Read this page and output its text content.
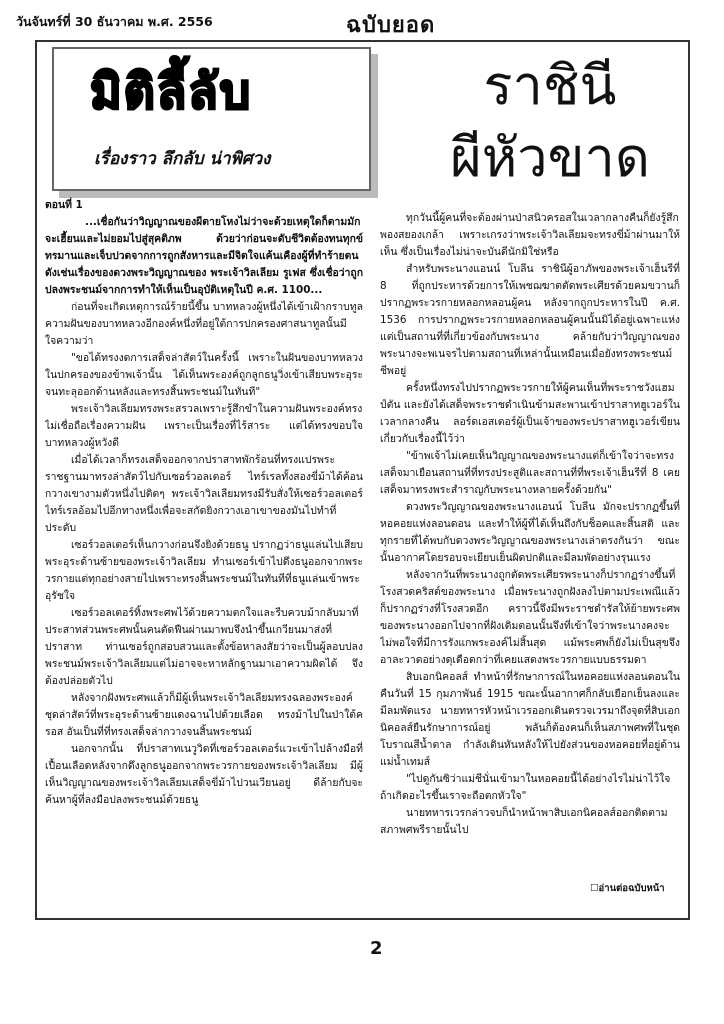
วันจันทร์ที่ 30 ธันวาคม พ.ศ. 2556	ฉบับยอด
มิติลี้ลับ
เรื่องราว ลึกลับ น่าพิศวง
ราชินี
ผีหัวขาด

ตอนที่ 1

...เชื่อกันว่าวิญญาณของผีตายโหงไม่ว่าจะด้วยเหตุใดก็ตามมักจะเฮี้ยนและไม่ยอมไปสู่สุคติภพ ด้วยว่าก่อนจะดับชีวิตต้องทนทุกข์ทรมานและเจ็บปวดจากการถูกสังหารและมีจิตใจแค้นเคืองผู้ที่ทำร้ายตน ดังเช่นเรื่องของดวงพระวิญญาณของ พระเจ้าวิลเลียม รูเฟส ซึ่งเชื่อว่าถูกปลงพระชนม์จากการทำให้เห็นเป็นอุบัติเหตุในปี ค.ศ. 1100...

ก่อนที่จะเกิดเหตุการณ์ร้ายนี้ขึ้น บาทหลวงผู้หนึ่งได้เข้าเฝ้ากราบทูลความฝันของบาทหลวงอีกองค์หนึ่งที่อยู่ใต้การปกครองศาสนาทูลนั้นมีใจความว่า

"ขอได้ทรงงดการเสด็จล่าสัตว์ในครั้งนี้ เพราะในฝันของบาทหลวงในปกครองของข้าพเจ้านั้น ได้เห็นพระองค์ถูกลูกธนูวิ่งเข้าเสียบพระอุระจนทะลุออกด้านหลังและทรงสิ้นพระชนม์ในทันที"

พระเจ้าวิลเลียมทรงพระสรวลเพราะรู้สึกขำในความฝันพระองค์ทรงไม่เชื่อถือเรื่องความฝัน เพราะเป็นเรื่องที่ไร้สาระ แต่ได้ทรงขอบใจบาทหลวงผู้หวังดี

เมื่อได้เวลาก็ทรงเสด็จออกจากปราสาทพักร้อนที่ทรงแปรพระราชฐานมาทรงล่าสัตว์ไปกับเซอร์วอลเตอร์ ไทร์เรลทั้งสองขี่ม้าได้ค้อนกวางเขางามตัวหนึ่งไปติดๆ พระเจ้าวิลเลียมทรงมีรับสั่งให้เซอร์วอลเตอร์ ไทร์เรลอ้อมไปอีกทางหนึ่งเพื่อจะสกัดยิงกวางเอาเขาของมันไปทำที่ประดับ

เซอร์วอลเตอร์เห็นกวางก่อนจึงยิงด้วยธนู ปรากฏว่าธนูแล่นไปเสียบพระอุระด้านซ้ายของพระเจ้าวิลเลียม ทำนเซอร์เข้าไปดึงธนูออกจากพระวรกายแต่ทุกอย่างสายไปเพราะทรงสิ้นพระชนม์ในทันทีที่ธนูแล่นเข้าพระอุรัชใจ

เซอร์วอลเตอร์ทิ้งพระศพไว้ด้วยความตกใจและรีบควบม้ากลับมาที่ประสาทส่วนพระศพนั้นคนตัดฟืนผ่านมาพบจึงนำขึ้นเกวียนมาส่งที่ปราสาท ท่านเซอร์ถูกสอบสวนและตั้งข้อหาลงสัยว่าจะเป็นผู้ลอบปลงพระชนม์พระเจ้าวิลเลียมแต่ไม่อาจจะหาหลักฐานมาเอาความผิดได้ จึงต้องปล่อยตัวไป

หลังจากฝังพระศพแล้วก็มีผู้เห็นพระเจ้าวิลเลียมทรงฉลองพระองค์ชุดล่าสัตว์ที่พระอุระด้านซ้ายแดงฉานไปด้วยเลือด ทรงม้าไปในป่าใต้ครอส อันเป็นที่ที่ทรงเสด็จล่ากวางจนสิ้นพระชนม์

นอกจากนั้น ที่ปราสาทเนวูวิดที่เซอร์วอลเตอร์แวะเข้าไปล้างมือที่เปื้อนเลือดหลังจากดึงลูกธนูออกจากพระวรกายของพระเจ้าวิลเลียม มีผู้เห็นวิญญาณของพระเจ้าวิลเลียมเสด็จขี่ม้าไปวนเวียนอยู่ ดีล้ายกับจะค้นหาผู้ที่ลงมือปลงพระชนม์ด้วยธนู

ทุกวันนี้ผู้คนที่จะต้องผ่านป่าสนิวครอสในเวลากลางคืนก็ยังรู้สึกพองสยองเกล้า เพราะเกรงว่าพระเจ้าวิลเลียมจะทรงขี่ม้าผ่านมาให้เห็น ซึ่งเป็นเรื่องไม่น่าจะบันดีนักมิใช่หรือ

สำหรับพระนางแอนน์ โบลีน ราชินีผู้อาภัพของพระเจ้าเฮ็นรีที่ 8 ที่ถูกประหารด้วยการให้เพชฌฆาตตัดพระเศียรด้วยคมขวานก็ปรากฏพระวรกายหลอกหลอนผู้คน หลังจากถูกประหารในปี ค.ศ. 1536 การปรากฏพระวรกายหลอกหลอนผู้คนนั้นมิได้อยู่เฉพาะแห่ง แต่เป็นสถานที่ที่เกี่ยวข้องกับพระนาง คล้ายกับว่าวิญญาณของพระนางจะพเนจรไปตามสถานที่เหล่านั้นเหมือนเมื่อยังทรงพระชนม์ชีพอยู่

ครั้งหนึ่งทรงไปปรากฏพระวรกายให้ผู้คนเห็นที่พระราชวังแฮมป์ตัน และยังได้เสด็จพระราชดำเนินข้ามสะพานเข้าปราสาทฮูเวอร์ในเวลากลางคืน ลอร์ดเอสเตอร์ผู้เป็นเจ้าของพระปราสาทฮูเวอร์เขียนเกี่ยวกับเรื่องนี้ไว้ว่า

"ข้าพเจ้าไม่เคยเห็นวิญญาณของพระนางแต่ก็เข้าใจว่าจะทรงเสด็จมาเยือนสถานที่ที่ทรงประสูติและสถานที่ที่พระเจ้าเฮ็นรีที่ 8 เคยเสด็จมาทรงพระสำราญกับพระนางหลายครั้งด้วยกัน"

ดวงพระวิญญาณของพระนางแอนน์ โบลีน มักจะปรากฏขึ้นที่หอคอยแห่งลอนดอน และทำให้ผู้ที่ได้เห็นถึงกับช็อคและสิ้นสติ และทุกรายที่ได้พบกับดวงพระวิญญาณของพระนางเล่าตรงกันว่า ขณะนั้นอากาศโดยรอบจะเยียบเย็นผิดปกติและมีลมพัดอย่างรุนแรง

หลังจากวันที่พระนางถูกตัดพระเศียรพระนางก็ปรากฏร่างขึ้นที่โรงสวดคริสต์ของพระนาง เมื่อพระนางถูกฝังลงไปตามประเพณีแล้วก็ปรากฏร่างที่โรงสวดอีก คราวนี้จึงมีพระราชดำรัสให้ย้ายพระศพของพระนางออกไปจากที่ฝังเดิมตอนนั้นจึงที่เข้าใจว่าพระนางคงจะไม่พอใจที่มีการรังแกพระองค์ไม่สิ้นสุด แม้พระศพก็ยังไม่เป็นสุขจึงอาละวาดอย่างดุเดือดกว่าที่เคยแสดงพระวรกายแบบธรรมดา

สิบเอกนิคอลส์ ทำหน้าที่รักษาการณ์ในหอคอยแห่งลอนดอนในคืนวันที่ 15 กุมภาพันธ์ 1915 ขณะนั้นอากาศก็กลับเยือกเย็นลงและมีลมพัดแรง นายทหารหัวหน้าเวรออกเดินตรวจเวรมาถึงจุดที่สิบเอกนิคอลส์ยืนรักษาการณ์อยู่ พลันก็ต้องคนก็เห็นสภาพศพที่ในชุดโบราณสีน้ำตาล กำลังเดินหันหลังให้ไปยังส่วนของหอคอยที่อยู่ด้านแม่น้ำเทมส์

"ไปดูกันซิว่าแม่ชีนั่นเข้ามาในหอคอยนี้ได้อย่างไรไม่น่าไว้ใจ ถ้าเกิดอะไรขึ้นเราจะถือตกหัวใจ"

นายทหารเวรกล่าวจบก็นำหน้าพาสิบเอกนิคอลส์ออกติดตามสภาพศพรีรายนั้นไป

☐อ่านต่อฉบับหน้า
2
